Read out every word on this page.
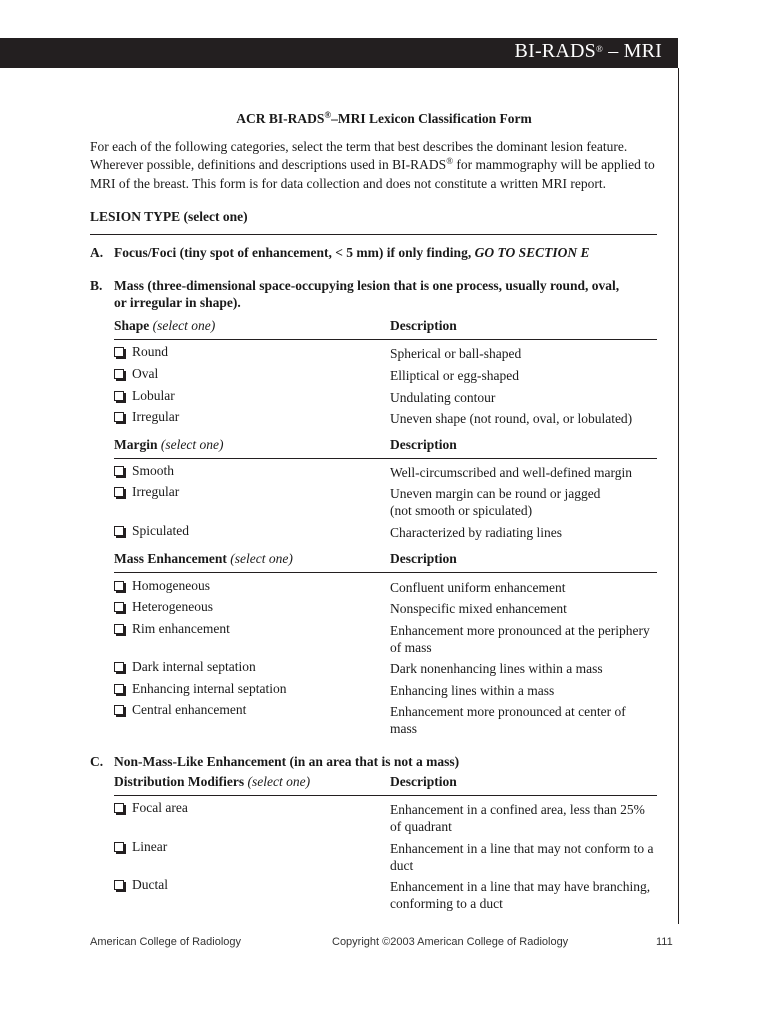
BI-RADS® – MRI
ACR BI-RADS®–MRI Lexicon Classification Form
For each of the following categories, select the term that best describes the dominant lesion feature. Wherever possible, definitions and descriptions used in BI-RADS® for mammography will be applied to MRI of the breast. This form is for data collection and does not constitute a written MRI report.
LESION TYPE (select one)
A. Focus/Foci (tiny spot of enhancement, < 5 mm) if only finding, GO TO SECTION E
B. Mass (three-dimensional space-occupying lesion that is one process, usually round, oval,
or irregular in shape).
Shape (select one)	Description
Round	Spherical or ball-shaped
Oval	Elliptical or egg-shaped
Lobular	Undulating contour
Irregular	Uneven shape (not round, oval, or lobulated)
Margin (select one)	Description
Smooth	Well-circumscribed and well-defined margin
Irregular	Uneven margin can be round or jagged
(not smooth or spiculated)
Spiculated	Characterized by radiating lines
Mass Enhancement (select one)	Description
Homogeneous	Confluent uniform enhancement
Heterogeneous	Nonspecific mixed enhancement
Rim enhancement	Enhancement more pronounced at the periphery
of mass
Dark internal septation	Dark nonenhancing lines within a mass
Enhancing internal septation	Enhancing lines within a mass
Central enhancement	Enhancement more pronounced at center of
mass
C. Non-Mass-Like Enhancement (in an area that is not a mass)
Distribution Modifiers (select one)	Description
Focal area	Enhancement in a confined area, less than 25%
of quadrant
Linear	Enhancement in a line that may not conform to a
duct
Ductal	Enhancement in a line that may have branching,
conforming to a duct
American College of Radiology	Copyright ©2003 American College of Radiology	111
